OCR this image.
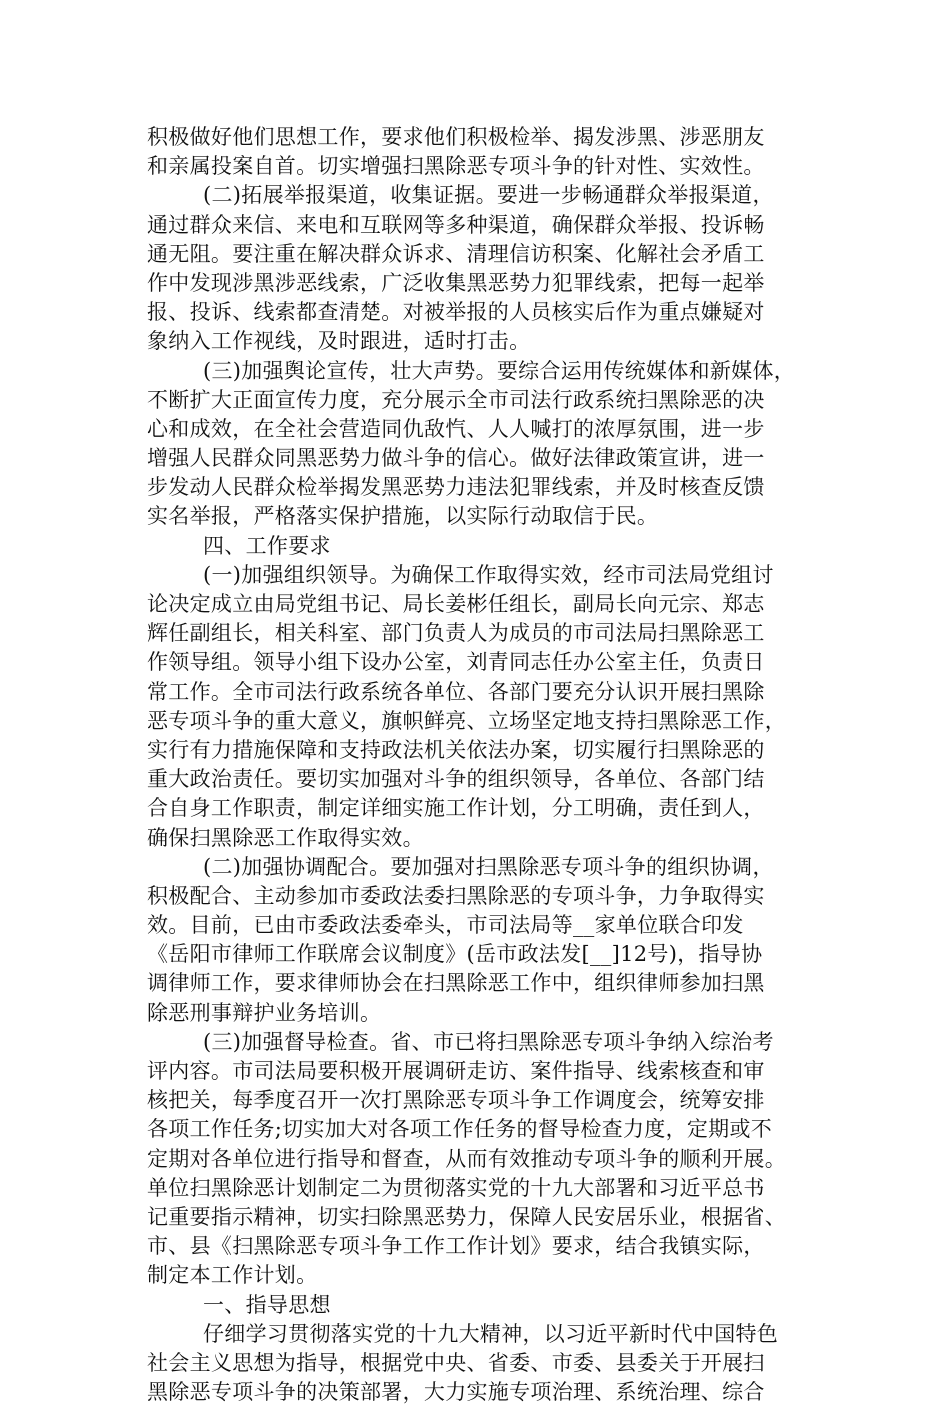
积极做好他们思想工作，要求他们积极检举、揭发涉黑、涉恶朋友
和亲属投案自首。切实增强扫黑除恶专项斗争的针对性、实效性。
(二)拓展举报渠道，收集证据。要进一步畅通群众举报渠道，
通过群众来信、来电和互联网等多种渠道，确保群众举报、投诉畅
通无阻。要注重在解决群众诉求、清理信访积案、化解社会矛盾工
作中发现涉黑涉恶线索，广泛收集黑恶势力犯罪线索，把每一起举
报、投诉、线索都查清楚。对被举报的人员核实后作为重点嫌疑对
象纳入工作视线，及时跟进，适时打击。
(三)加强舆论宣传，壮大声势。要综合运用传统媒体和新媒体，
不断扩大正面宣传力度，充分展示全市司法行政系统扫黑除恶的决
心和成效，在全社会营造同仇敌忾、人人喊打的浓厚氛围，进一步
增强人民群众同黑恶势力做斗争的信心。做好法律政策宣讲，进一
步发动人民群众检举揭发黑恶势力违法犯罪线索，并及时核查反馈
实名举报，严格落实保护措施，以实际行动取信于民。
四、工作要求
(一)加强组织领导。为确保工作取得实效，经市司法局党组讨
论决定成立由局党组书记、局长姜彬任组长，副局长向元宗、郑志
辉任副组长，相关科室、部门负责人为成员的市司法局扫黑除恶工
作领导组。领导小组下设办公室，刘青同志任办公室主任，负责日
常工作。全市司法行政系统各单位、各部门要充分认识开展扫黑除
恶专项斗争的重大意义，旗帜鲜亮、立场坚定地支持扫黑除恶工作，
实行有力措施保障和支持政法机关依法办案，切实履行扫黑除恶的
重大政治责任。要切实加强对斗争的组织领导，各单位、各部门结
合自身工作职责，制定详细实施工作计划，分工明确，责任到人，
确保扫黑除恶工作取得实效。
(二)加强协调配合。要加强对扫黑除恶专项斗争的组织协调，
积极配合、主动参加市委政法委扫黑除恶的专项斗争，力争取得实
效。目前，已由市委政法委牵头，市司法局等__家单位联合印发
《岳阳市律师工作联席会议制度》(岳市政法发[__]12号)，指导协
调律师工作，要求律师协会在扫黑除恶工作中，组织律师参加扫黑
除恶刑事辩护业务培训。
(三)加强督导检查。省、市已将扫黑除恶专项斗争纳入综治考
评内容。市司法局要积极开展调研走访、案件指导、线索核查和审
核把关，每季度召开一次打黑除恶专项斗争工作调度会，统筹安排
各项工作任务;切实加大对各项工作任务的督导检查力度，定期或不
定期对各单位进行指导和督查，从而有效推动专项斗争的顺利开展。
单位扫黑除恶计划制定二为贯彻落实党的十九大部署和习近平总书
记重要指示精神，切实扫除黑恶势力，保障人民安居乐业，根据省、
市、县《扫黑除恶专项斗争工作工作计划》要求，结合我镇实际，
制定本工作计划。
一、指导思想
仔细学习贯彻落实党的十九大精神，以习近平新时代中国特色
社会主义思想为指导，根据党中央、省委、市委、县委关于开展扫
黑除恶专项斗争的决策部署，大力实施专项治理、系统治理、综合
